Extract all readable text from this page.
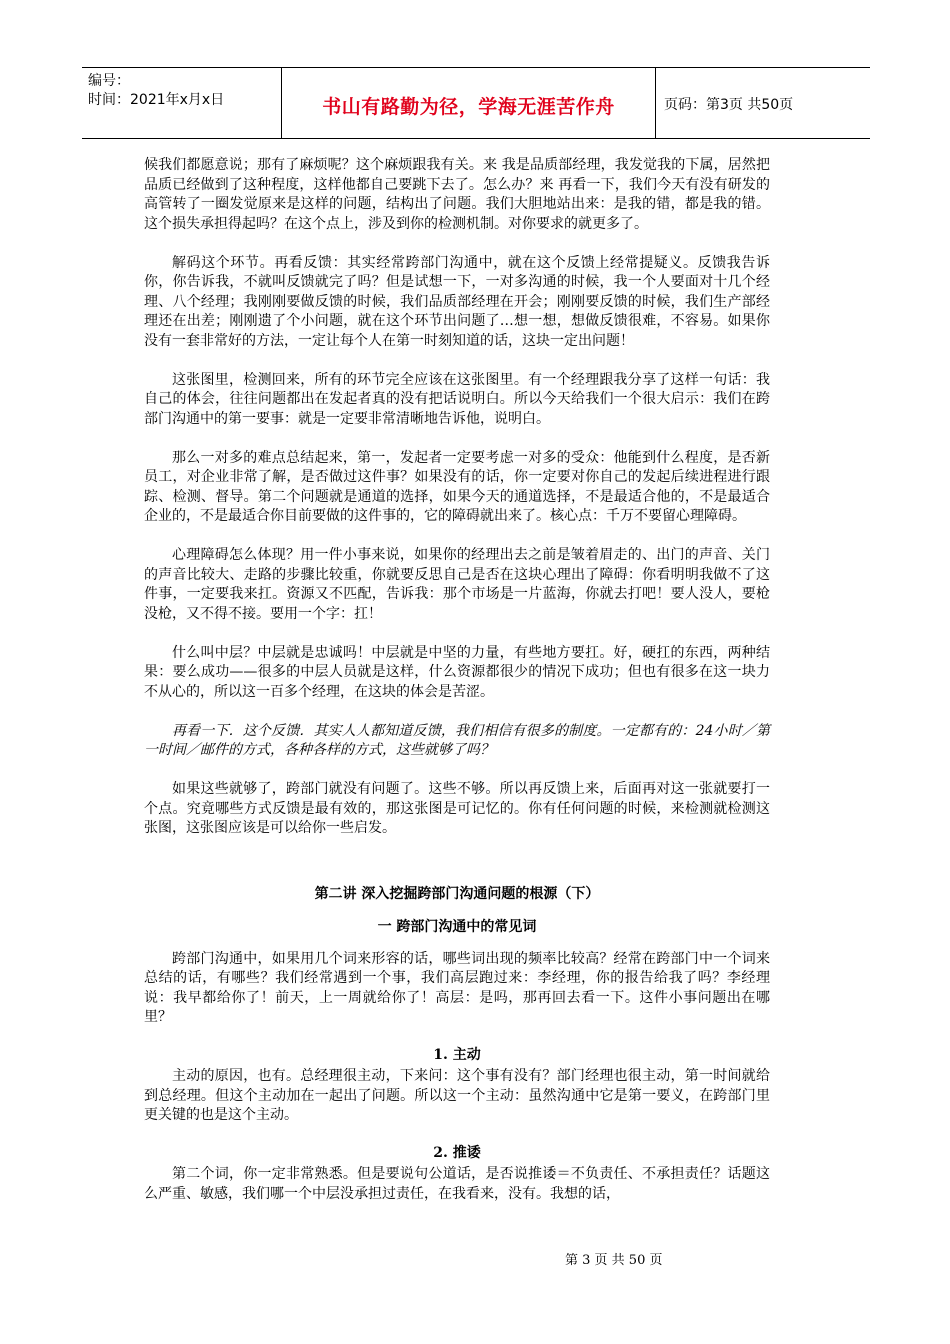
编号：
时间：2021年x月x日	书山有路勤为径，学海无涯苦作舟	页码：第3页 共50页

候我们都愿意说；那有了麻烦呢？这个麻烦跟我有关。来 我是品质部经理，我发觉我的下属，居然把品质已经做到了这种程度，这样他都自己要跳下去了。怎么办？来 再看一下，我们今天有没有研发的高管转了一圈发觉原来是这样的问题，结构出了问题。我们大胆地站出来：是我的错，都是我的错。这个损失承担得起吗？在这个点上，涉及到你的检测机制。对你要求的就更多了。

解码这个环节。再看反馈：其实经常跨部门沟通中，就在这个反馈上经常提疑义。反馈我告诉你，你告诉我，不就叫反馈就完了吗？但是试想一下，一对多沟通的时候，我一个人要面对十几个经理、八个经理；我刚刚要做反馈的时候，我们品质部经理在开会；刚刚要反馈的时候，我们生产部经理还在出差；刚刚遗了个小问题，就在这个环节出问题了…想一想，想做反馈很难，不容易。如果你没有一套非常好的方法，一定让每个人在第一时刻知道的话，这块一定出问题！

这张图里，检测回来，所有的环节完全应该在这张图里。有一个经理跟我分享了这样一句话：我自己的体会，往往问题都出在发起者真的没有把话说明白。所以今天给我们一个很大启示：我们在跨部门沟通中的第一要事：就是一定要非常清晰地告诉他，说明白。

那么一对多的难点总结起来，第一，发起者一定要考虑一对多的受众：他能到什么程度，是否新员工，对企业非常了解，是否做过这件事？如果没有的话，你一定要对你自己的发起后续进程进行跟踪、检测、督导。第二个问题就是通道的选择，如果今天的通道选择，不是最适合他的，不是最适合企业的，不是最适合你目前要做的这件事的，它的障碍就出来了。核心点：千万不要留心理障碍。

心理障碍怎么体现？用一件小事来说，如果你的经理出去之前是皱着眉走的、出门的声音、关门的声音比较大、走路的步骤比较重，你就要反思自己是否在这块心理出了障碍：你看明明我做不了这件事，一定要我来扛。资源又不匹配，告诉我：那个市场是一片蓝海，你就去打吧！要人没人，要枪没枪，又不得不接。要用一个字：扛！

什么叫中层？中层就是忠诚吗！中层就是中坚的力量，有些地方要扛。好，硬扛的东西，两种结果：要么成功——很多的中层人员就是这样，什么资源都很少的情况下成功；但也有很多在这一块力不从心的，所以这一百多个经理，在这块的体会是苦涩。

再看一下．这个反馈．其实人人都知道反馈，我们相信有很多的制度。一定都有的：24小时／第一时间／邮件的方式，各种各样的方式，这些就够了吗？

如果这些就够了，跨部门就没有问题了。这些不够。所以再反馈上来，后面再对这一张就要打一个点。究竟哪些方式反馈是最有效的，那这张图是可记忆的。你有任何问题的时候，来检测就检测这张图，这张图应该是可以给你一些启发。

第二讲 深入挖掘跨部门沟通问题的根源（下）
一 跨部门沟通中的常见词

跨部门沟通中，如果用几个词来形容的话，哪些词出现的频率比较高？经常在跨部门中一个词来总结的话，有哪些？我们经常遇到一个事，我们高层跑过来：李经理，你的报告给我了吗？李经理说：我早都给你了！前天，上一周就给你了！高层：是吗，那再回去看一下。这件小事问题出在哪里？

1. 主动

主动的原因，也有。总经理很主动，下来问：这个事有没有？部门经理也很主动，第一时间就给到总经理。但这个主动加在一起出了问题。所以这一个主动：虽然沟通中它是第一要义，在跨部门里更关键的也是这个主动。

2. 推诿

第二个词，你一定非常熟悉。但是要说句公道话，是否说推诿＝不负责任、不承担责任？话题这么严重、敏感，我们哪一个中层没承担过责任，在我看来，没有。我想的话，

第 3 页 共 50 页
